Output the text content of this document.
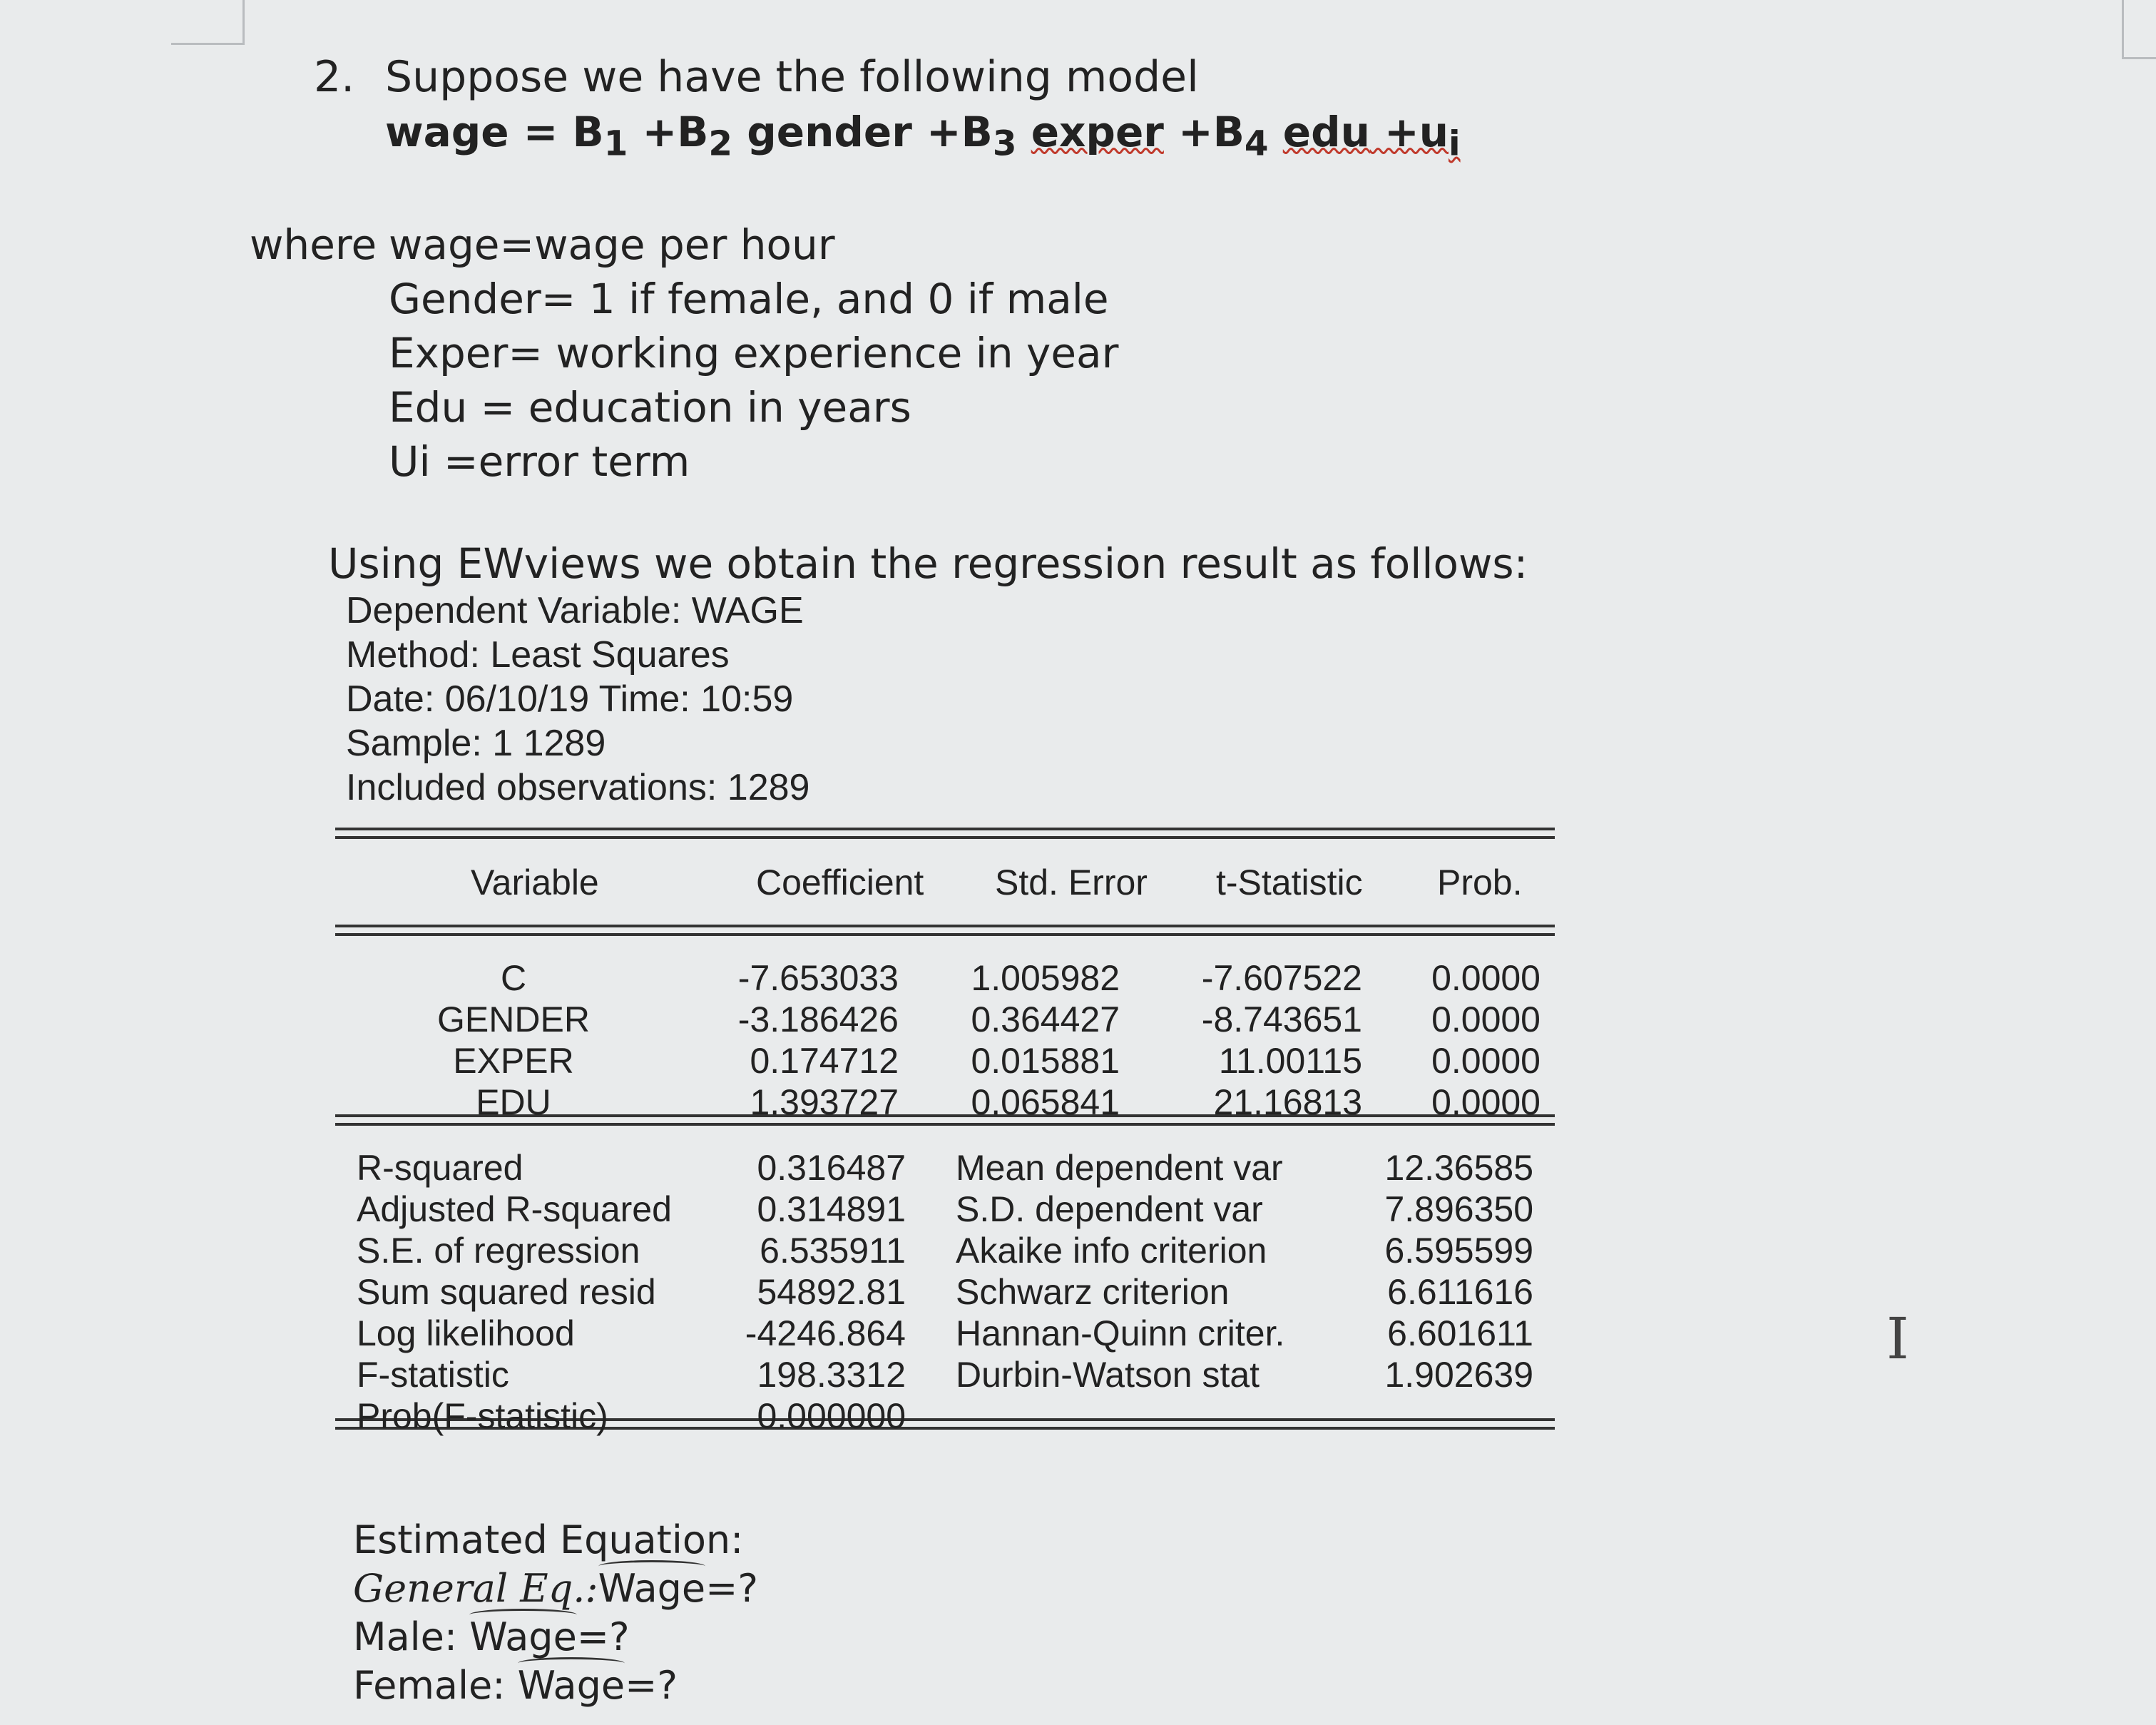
2. Suppose we have the following model
wage = $B_1 +B_2$ gender $+B_3$ exper $+B_4$ edu $+u_i$
where wage=wage per hour
Gender= 1 if female, and 0 if male
Exper= working experience in year
Edu = education in years
Ui =error term
Using EWviews we obtain the regression result as follows:
Dependent Variable: WAGE
Method: Least Squares
Date: 06/10/19 Time: 10:59
Sample: 1 1289
Included observations: 1289
Variable	Coefficient Std. Error t-Statistic Prob.
C
GENDER
EXPER
EDU
-7.653033
-3.186426
0.174712
1.393727
1.005982
0.364427
0.015881
0.065841
-7.607522
-8.743651
11.00115
21.16813
0.0000
0.0000
0.0000
0.0000
R-squared
Adjusted R-squared
S.E. of regression
Sum squared resid
Log likelihood
F-statistic
Prob(F-statistic)
0.316487
0.314891
6.535911
54892.81
-4246.864
198.3312
0.000000
Mean dependent var
S.D. dependent var
Akaike info criterion
Schwarz criterion
Hannan-Quinn criter.
Durbin-Watson stat
12.36585
7.896350
6.595599
6.611616
6.601611
1.902639
Estimated Equation:
General Eq.:Wage=?
Male: Wage=?
Female: Wage=?
I
